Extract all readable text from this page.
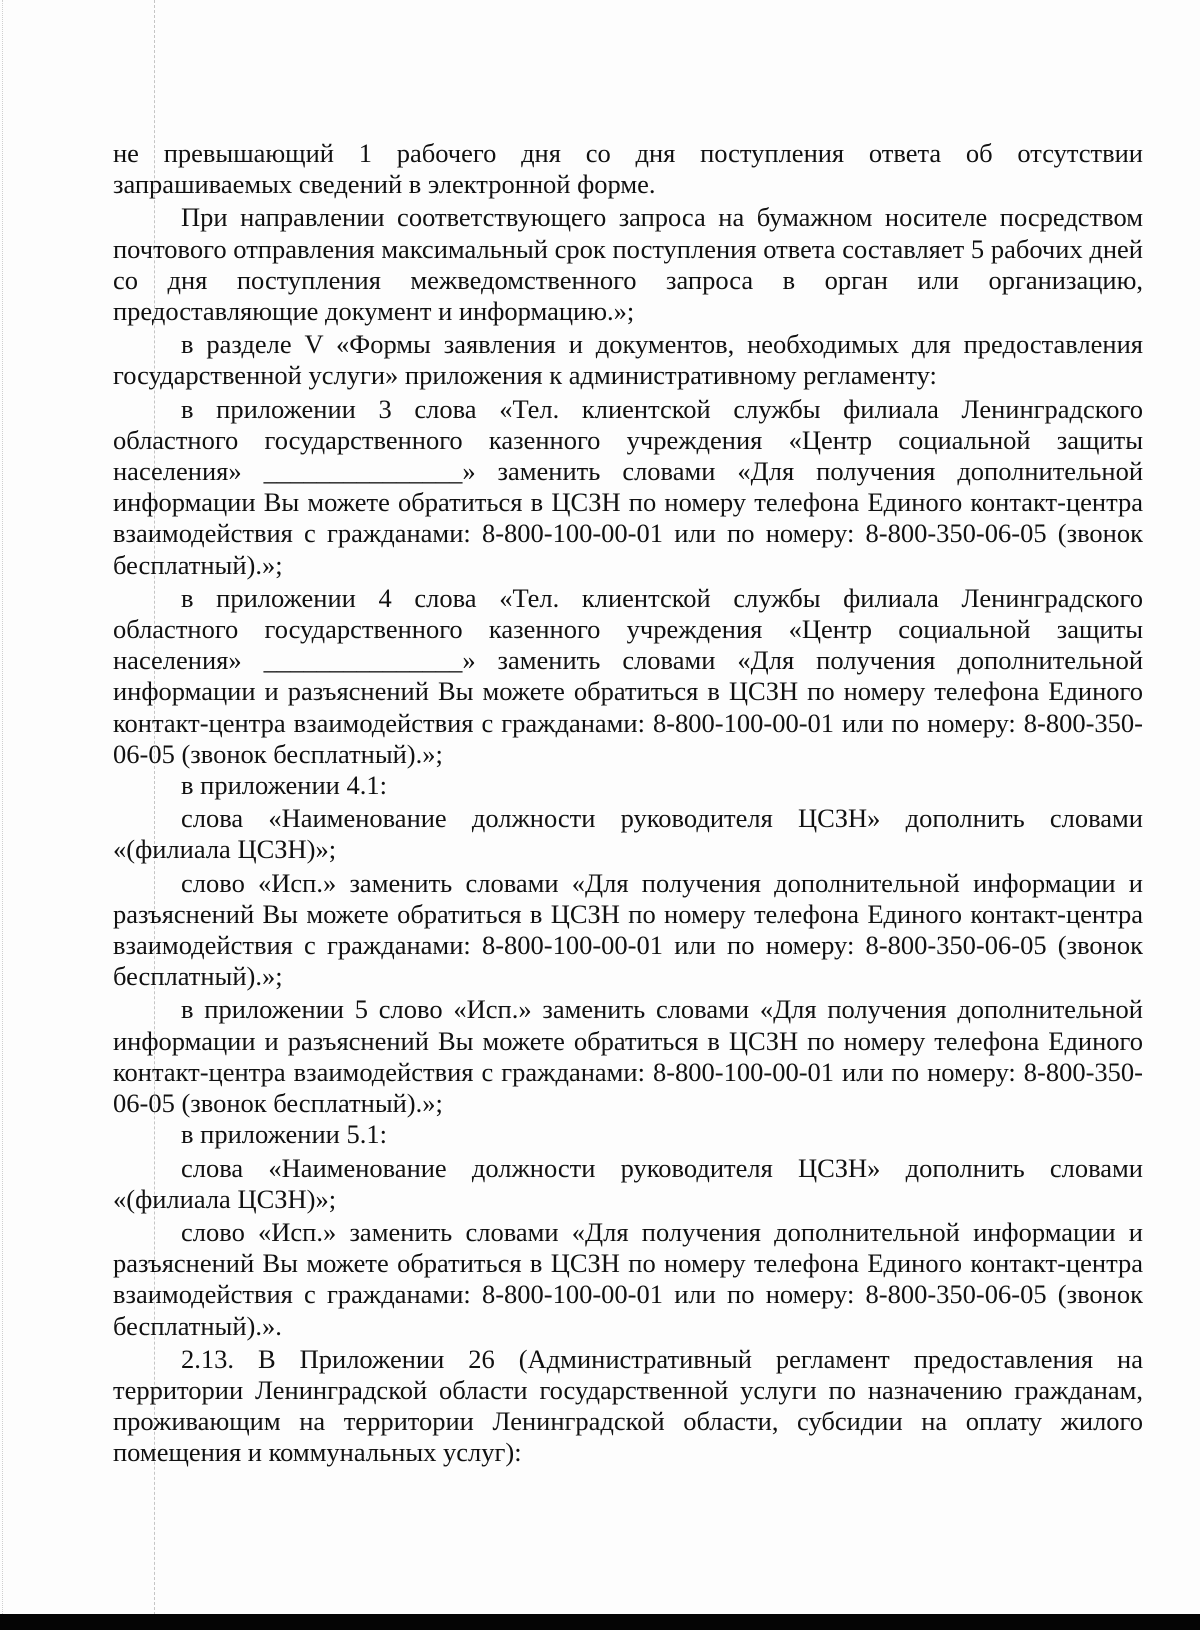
не превышающий 1 рабочего дня со дня поступления ответа об отсутствии запрашиваемых сведений в электронной форме.

При направлении соответствующего запроса на бумажном носителе посредством почтового отправления максимальный срок поступления ответа составляет 5 рабочих дней со дня поступления межведомственного запроса в орган или организацию, предоставляющие документ и информацию.»;

в разделе V «Формы заявления и документов, необходимых для предоставления государственной услуги» приложения к административному регламенту:

в приложении 3 слова «Тел. клиентской службы филиала Ленинградского областного государственного казенного учреждения «Центр социальной защиты населения» _______________» заменить словами «Для получения дополнительной информации Вы можете обратиться в ЦСЗН по номеру телефона Единого контакт-центра взаимодействия с гражданами: 8-800-100-00-01 или по номеру: 8-800-350-06-05 (звонок бесплатный).»;

в приложении 4 слова «Тел. клиентской службы филиала Ленинградского областного государственного казенного учреждения «Центр социальной защиты населения» _______________» заменить словами «Для получения дополнительной информации и разъяснений Вы можете обратиться в ЦСЗН по номеру телефона Единого контакт-центра взаимодействия с гражданами: 8-800-100-00-01 или по номеру: 8-800-350-06-05 (звонок бесплатный).»;

в приложении 4.1:

слова «Наименование должности руководителя ЦСЗН» дополнить словами «(филиала ЦСЗН)»;

слово «Исп.» заменить словами «Для получения дополнительной информации и разъяснений Вы можете обратиться в ЦСЗН по номеру телефона Единого контакт-центра взаимодействия с гражданами: 8-800-100-00-01 или по номеру: 8-800-350-06-05 (звонок бесплатный).»;

в приложении 5 слово «Исп.» заменить словами «Для получения дополнительной информации и разъяснений Вы можете обратиться в ЦСЗН по номеру телефона Единого контакт-центра взаимодействия с гражданами: 8-800-100-00-01 или по номеру: 8-800-350-06-05 (звонок бесплатный).»;

в приложении 5.1:

слова «Наименование должности руководителя ЦСЗН» дополнить словами «(филиала ЦСЗН)»;

слово «Исп.» заменить словами «Для получения дополнительной информации и разъяснений Вы можете обратиться в ЦСЗН по номеру телефона Единого контакт-центра взаимодействия с гражданами: 8-800-100-00-01 или по номеру: 8-800-350-06-05 (звонок бесплатный).».

2.13. В Приложении 26 (Административный регламент предоставления на территории Ленинградской области государственной услуги по назначению гражданам, проживающим на территории Ленинградской области, субсидии на оплату жилого помещения и коммунальных услуг):
